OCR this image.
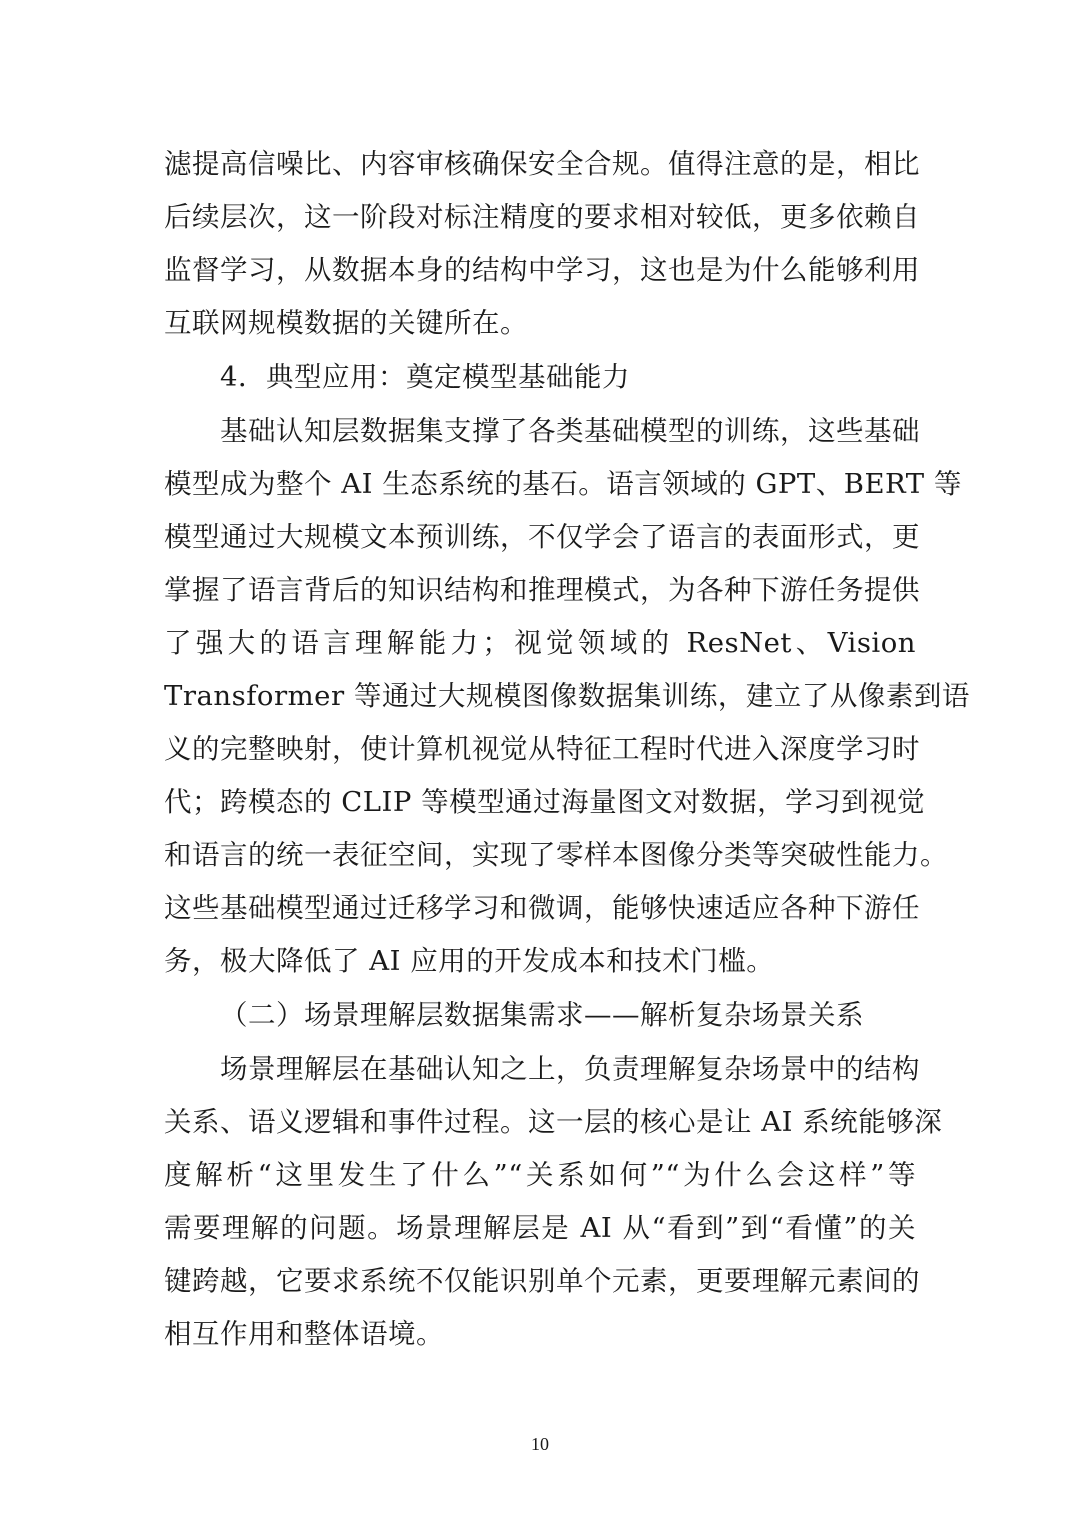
滤提高信噪比、内容审核确保安全合规。值得注意的是，相比
后续层次，这一阶段对标注精度的要求相对较低，更多依赖自
监督学习，从数据本身的结构中学习，这也是为什么能够利用
互联网规模数据的关键所在。
4．典型应用：奠定模型基础能力
基础认知层数据集支撑了各类基础模型的训练，这些基础
模型成为整个 AI 生态系统的基石。语言领域的 GPT、BERT 等
模型通过大规模文本预训练，不仅学会了语言的表面形式，更
掌握了语言背后的知识结构和推理模式，为各种下游任务提供
了强大的语言理解能力；视觉领域的 ResNet、Vision
Transformer 等通过大规模图像数据集训练，建立了从像素到语
义的完整映射，使计算机视觉从特征工程时代进入深度学习时
代；跨模态的 CLIP 等模型通过海量图文对数据，学习到视觉
和语言的统一表征空间，实现了零样本图像分类等突破性能力。
这些基础模型通过迁移学习和微调，能够快速适应各种下游任
务，极大降低了 AI 应用的开发成本和技术门槛。
（二）场景理解层数据集需求——解析复杂场景关系
场景理解层在基础认知之上，负责理解复杂场景中的结构
关系、语义逻辑和事件过程。这一层的核心是让 AI 系统能够深
度解析“这里发生了什么”“关系如何”“为什么会这样”等
需要理解的问题。场景理解层是 AI 从“看到”到“看懂”的关
键跨越，它要求系统不仅能识别单个元素，更要理解元素间的
相互作用和整体语境。
10
